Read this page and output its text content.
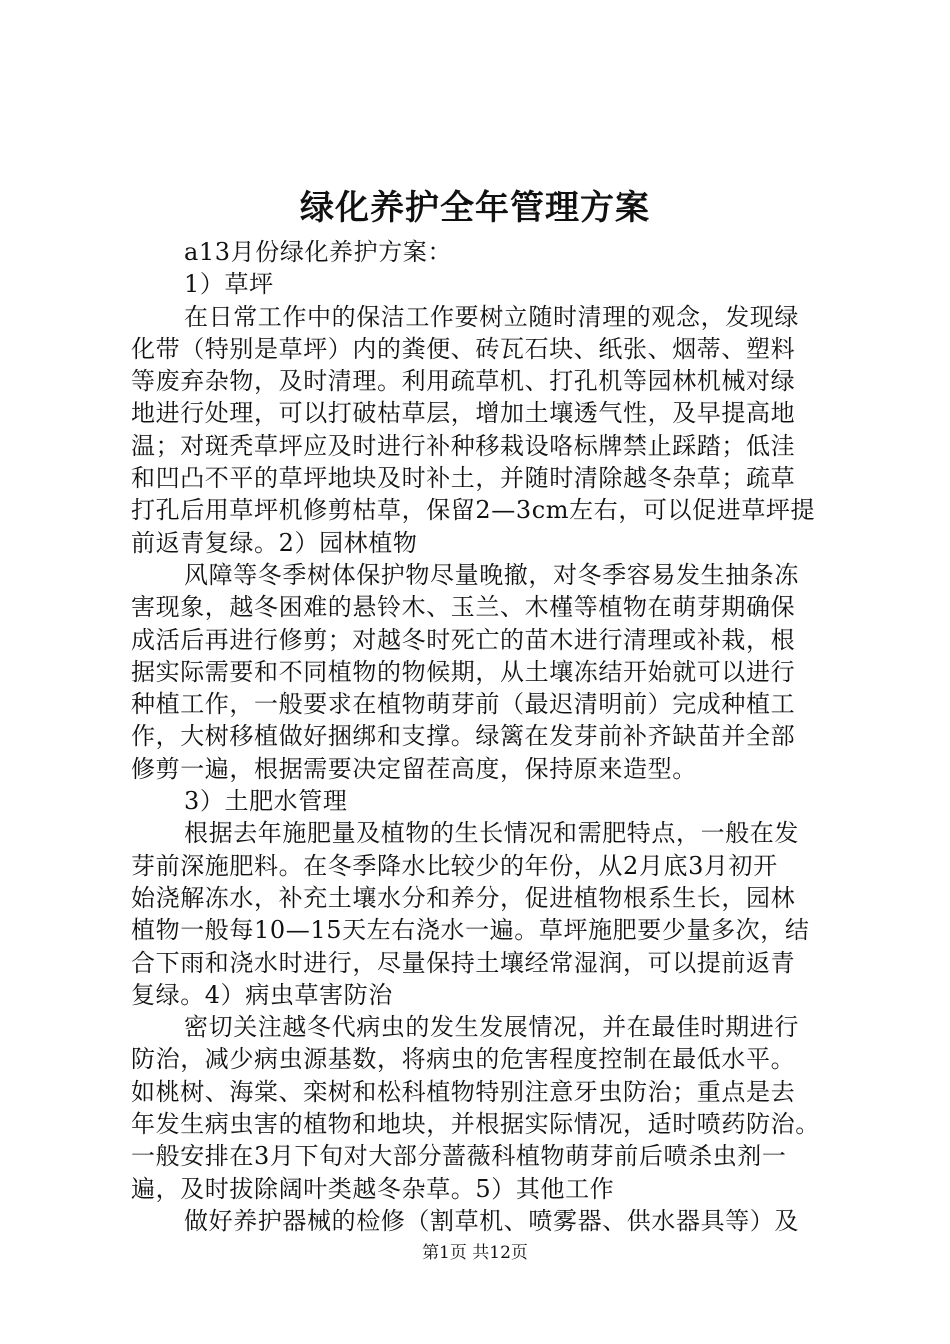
绿化养护全年管理方案
a13月份绿化养护方案：
1）草坪
在日常工作中的保洁工作要树立随时清理的观念，发现绿
化带（特别是草坪）内的粪便、砖瓦石块、纸张、烟蒂、塑料
等废弃杂物，及时清理。利用疏草机、打孔机等园林机械对绿
地进行处理，可以打破枯草层，增加土壤透气性，及早提高地
温；对斑秃草坪应及时进行补种移栽设咯标牌禁止踩踏；低洼
和凹凸不平的草坪地块及时补土，并随时清除越冬杂草；疏草
打孔后用草坪机修剪枯草，保留2—3cm左右，可以促进草坪提
前返青复绿。2）园林植物
风障等冬季树体保护物尽量晚撤，对冬季容易发生抽条冻
害现象，越冬困难的悬铃木、玉兰、木槿等植物在萌芽期确保
成活后再进行修剪；对越冬时死亡的苗木进行清理或补栽，根
据实际需要和不同植物的物候期，从土壤冻结开始就可以进行
种植工作，一般要求在植物萌芽前（最迟清明前）完成种植工
作，大树移植做好捆绑和支撑。绿篱在发芽前补齐缺苗并全部
修剪一遍，根据需要决定留茬高度，保持原来造型。
3）土肥水管理
根据去年施肥量及植物的生长情况和需肥特点，一般在发
芽前深施肥料。在冬季降水比较少的年份，从2月底3月初开
始浇解冻水，补充土壤水分和养分，促进植物根系生长，园林
植物一般每10—15天左右浇水一遍。草坪施肥要少量多次，结
合下雨和浇水时进行，尽量保持土壤经常湿润，可以提前返青
复绿。4）病虫草害防治
密切关注越冬代病虫的发生发展情况，并在最佳时期进行
防治，减少病虫源基数，将病虫的危害程度控制在最低水平。
如桃树、海棠、栾树和松科植物特别注意牙虫防治；重点是去
年发生病虫害的植物和地块，并根据实际情况，适时喷药防治。
一般安排在3月下旬对大部分蔷薇科植物萌芽前后喷杀虫剂一
遍，及时拔除阔叶类越冬杂草。5）其他工作
做好养护器械的检修（割草机、喷雾器、供水器具等）及
第1页 共12页
